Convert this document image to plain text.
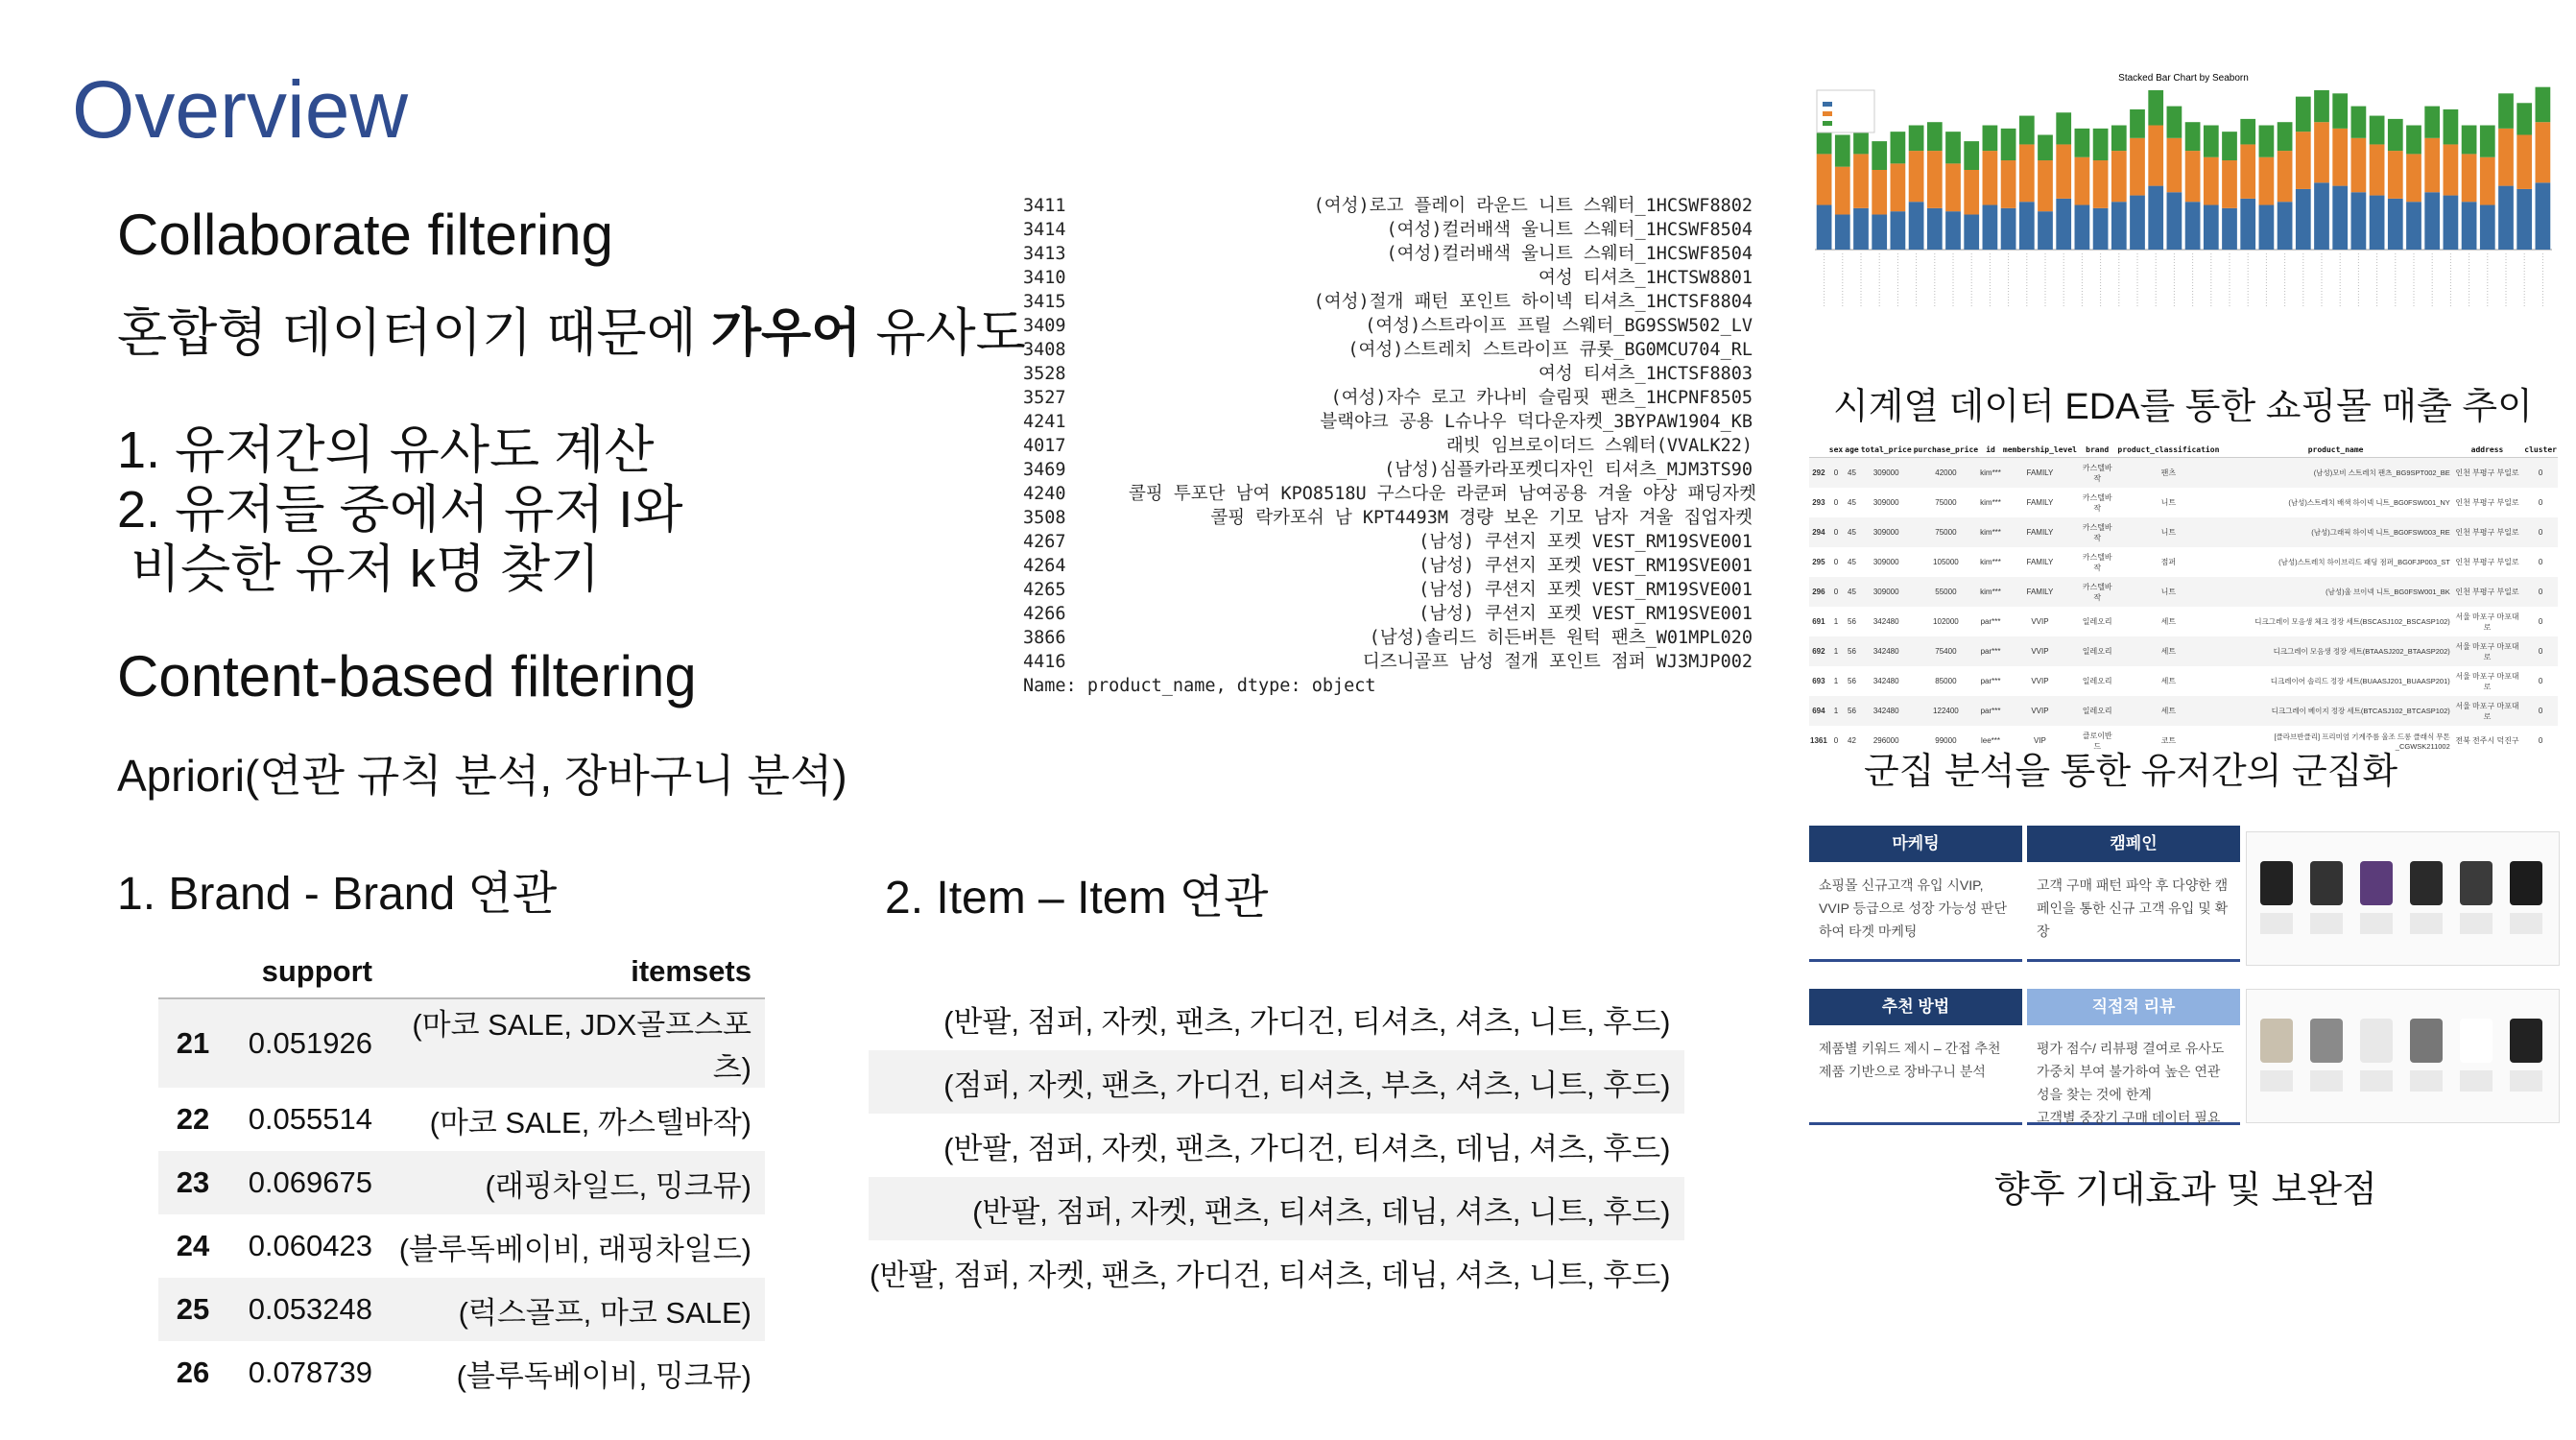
Overview
Collaborate filtering
혼합형 데이터이기 때문에 가우어 유사도
1. 유저간의 유사도 계산
2. 유저들 중에서 유저 I와
비슷한 유저 k명 찾기
Content-based filtering
Apriori(연관 규칙 분석, 장바구니 분석)
1. Brand - Brand 연관	2. Item – Item 연관
	support	itemsets
21	0.051926	(마코 SALE, JDX골프스포츠)
22	0.055514	(마코 SALE, 까스텔바작)
23	0.069675	(래핑차일드, 밍크뮤)
24	0.060423	(블루독베이비, 래핑차일드)
25	0.053248	(럭스골프, 마코 SALE)
26	0.078739	(블루독베이비, 밍크뮤)
(반팔, 점퍼, 자켓, 팬츠, 가디건, 티셔츠, 셔츠, 니트, 후드)
(점퍼, 자켓, 팬츠, 가디건, 티셔츠, 부츠, 셔츠, 니트, 후드)
(반팔, 점퍼, 자켓, 팬츠, 가디건, 티셔츠, 데님, 셔츠, 후드)
(반팔, 점퍼, 자켓, 팬츠, 티셔츠, 데님, 셔츠, 니트, 후드)
(반팔, 점퍼, 자켓, 팬츠, 가디건, 티셔츠, 데님, 셔츠, 니트, 후드)
3411	(여성)로고 플레이 라운드 니트 스웨터_1HCSWF8802
3414	(여성)컬러배색 울니트 스웨터_1HCSWF8504
3413	(여성)컬러배색 울니트 스웨터_1HCSWF8504
3410	여성 티셔츠_1HCTSW8801
3415	(여성)절개 패턴 포인트 하이넥 티셔츠_1HCTSF8804
3409	(여성)스트라이프 프릴 스웨터_BG9SSW502_LV
3408	(여성)스트레치 스트라이프 큐롯_BG0MCU704_RL
3528	여성 티셔츠_1HCTSF8803
3527	(여성)자수 로고 카나비 슬림핏 팬츠_1HCPNF8505
4241	블랙야크 공용 L슈나우 덕다운자켓_3BYPAW1904_KB
4017	래빗 임브로이더드 스웨터(VVALK22)
3469	(남성)심플카라포켓디자인 티셔츠_MJM3TS90
4240	콜핑 투포단 남여 KPO8518U 구스다운 라쿤퍼 남여공용 겨울 야상 패딩자켓
3508	콜핑 락카포쉬 남 KPT4493M 경량 보온 기모 남자 겨울 집업자켓
4267	(남성) 쿠션지 포켓 VEST_RM19SVE001
4264	(남성) 쿠션지 포켓 VEST_RM19SVE001
4265	(남성) 쿠션지 포켓 VEST_RM19SVE001
4266	(남성) 쿠션지 포켓 VEST_RM19SVE001
3866	(남성)솔리드 히든버튼 원턱 팬츠_W01MPL020
4416	디즈니골프 남성 절개 포인트 점퍼 WJ3MJP002
Name: product_name, dtype: object
Stacked Bar Chart by Seaborn
시계열 데이터 EDA를 통한 쇼핑몰 매출 추이
	sex	age	total_price	purchase_price	id	membership_level	brand	product_classification	product_name	address	cluster
292	0	45	309000	42000	kim***	FAMILY	카스텔바작	팬츠	(남성)모비 스트레치 팬츠_BG9SPT002_BE	인천 부평구 부일로	0
293	0	45	309000	75000	kim***	FAMILY	카스텔바작	니트	(남성)스트레치 배색 하이넥 니트_BG0FSW001_NY	인천 부평구 부일로	0
294	0	45	309000	75000	kim***	FAMILY	카스텔바작	니트	(남성)그래픽 하이넥 니트_BG0FSW003_RE	인천 부평구 부일로	0
295	0	45	309000	105000	kim***	FAMILY	카스텔바작	점퍼	(남성)스트레치 하이브리드 패딩 점퍼_BG0FJP003_ST	인천 부평구 부일로	0
296	0	45	309000	55000	kim***	FAMILY	카스텔바작	니트	(남성)울 브이넥 니트_BG0FSW001_BK	인천 부평구 부일로	0
691	1	56	342480	102000	par***	VVIP	일레오리	세트	디크그레이 모음생 체크 정장 세트(BSCASJ102_BSCASP102)	서울 마포구 마포대로	0
692	1	56	342480	75400	par***	VVIP	일레오리	세트	디크그레이 모음생 정장 세트(BTAASJ202_BTAASP202)	서울 마포구 마포대로	0
693	1	56	342480	85000	par***	VVIP	일레오리	세트	디크레이어 솔리드 정장 세트(BUAASJ201_BUAASP201)	서울 마포구 마포대로	0
694	1	56	342480	122400	par***	VVIP	일레오리	세트	디크그레이 베이지 정장 세트(BTCASJ102_BTCASP102)	서울 마포구 마포대로	0
1361	0	42	296000	99000	lee***	VIP	클로이반드	코트	[클라브반클리] 프리미엄 기계주름 울조 드롱 클래식 무톤_CGWSK211002	전북 전주시 덕진구	0
군집 분석을 통한 유저간의 군집화
마케팅
쇼핑몰 신규고객 유입 시VIP, VVIP 등급으로 성장 가능성 판단하여 타겟 마케팅
캠페인
고객 구매 패턴 파악 후 다양한 캠페인을 통한 신규 고객 유입 및 확장
추천 방법
제품별 키워드 제시 – 간접 추천
제품 기반으로 장바구니 분석
직접적 리뷰
평가 점수/ 리뷰평 결여로 유사도 가중치 부여 불가하여 높은 연관성을 찾는 것에 한계
고객별 중장기 구매 데이터 필요
향후 기대효과 및 보완점
